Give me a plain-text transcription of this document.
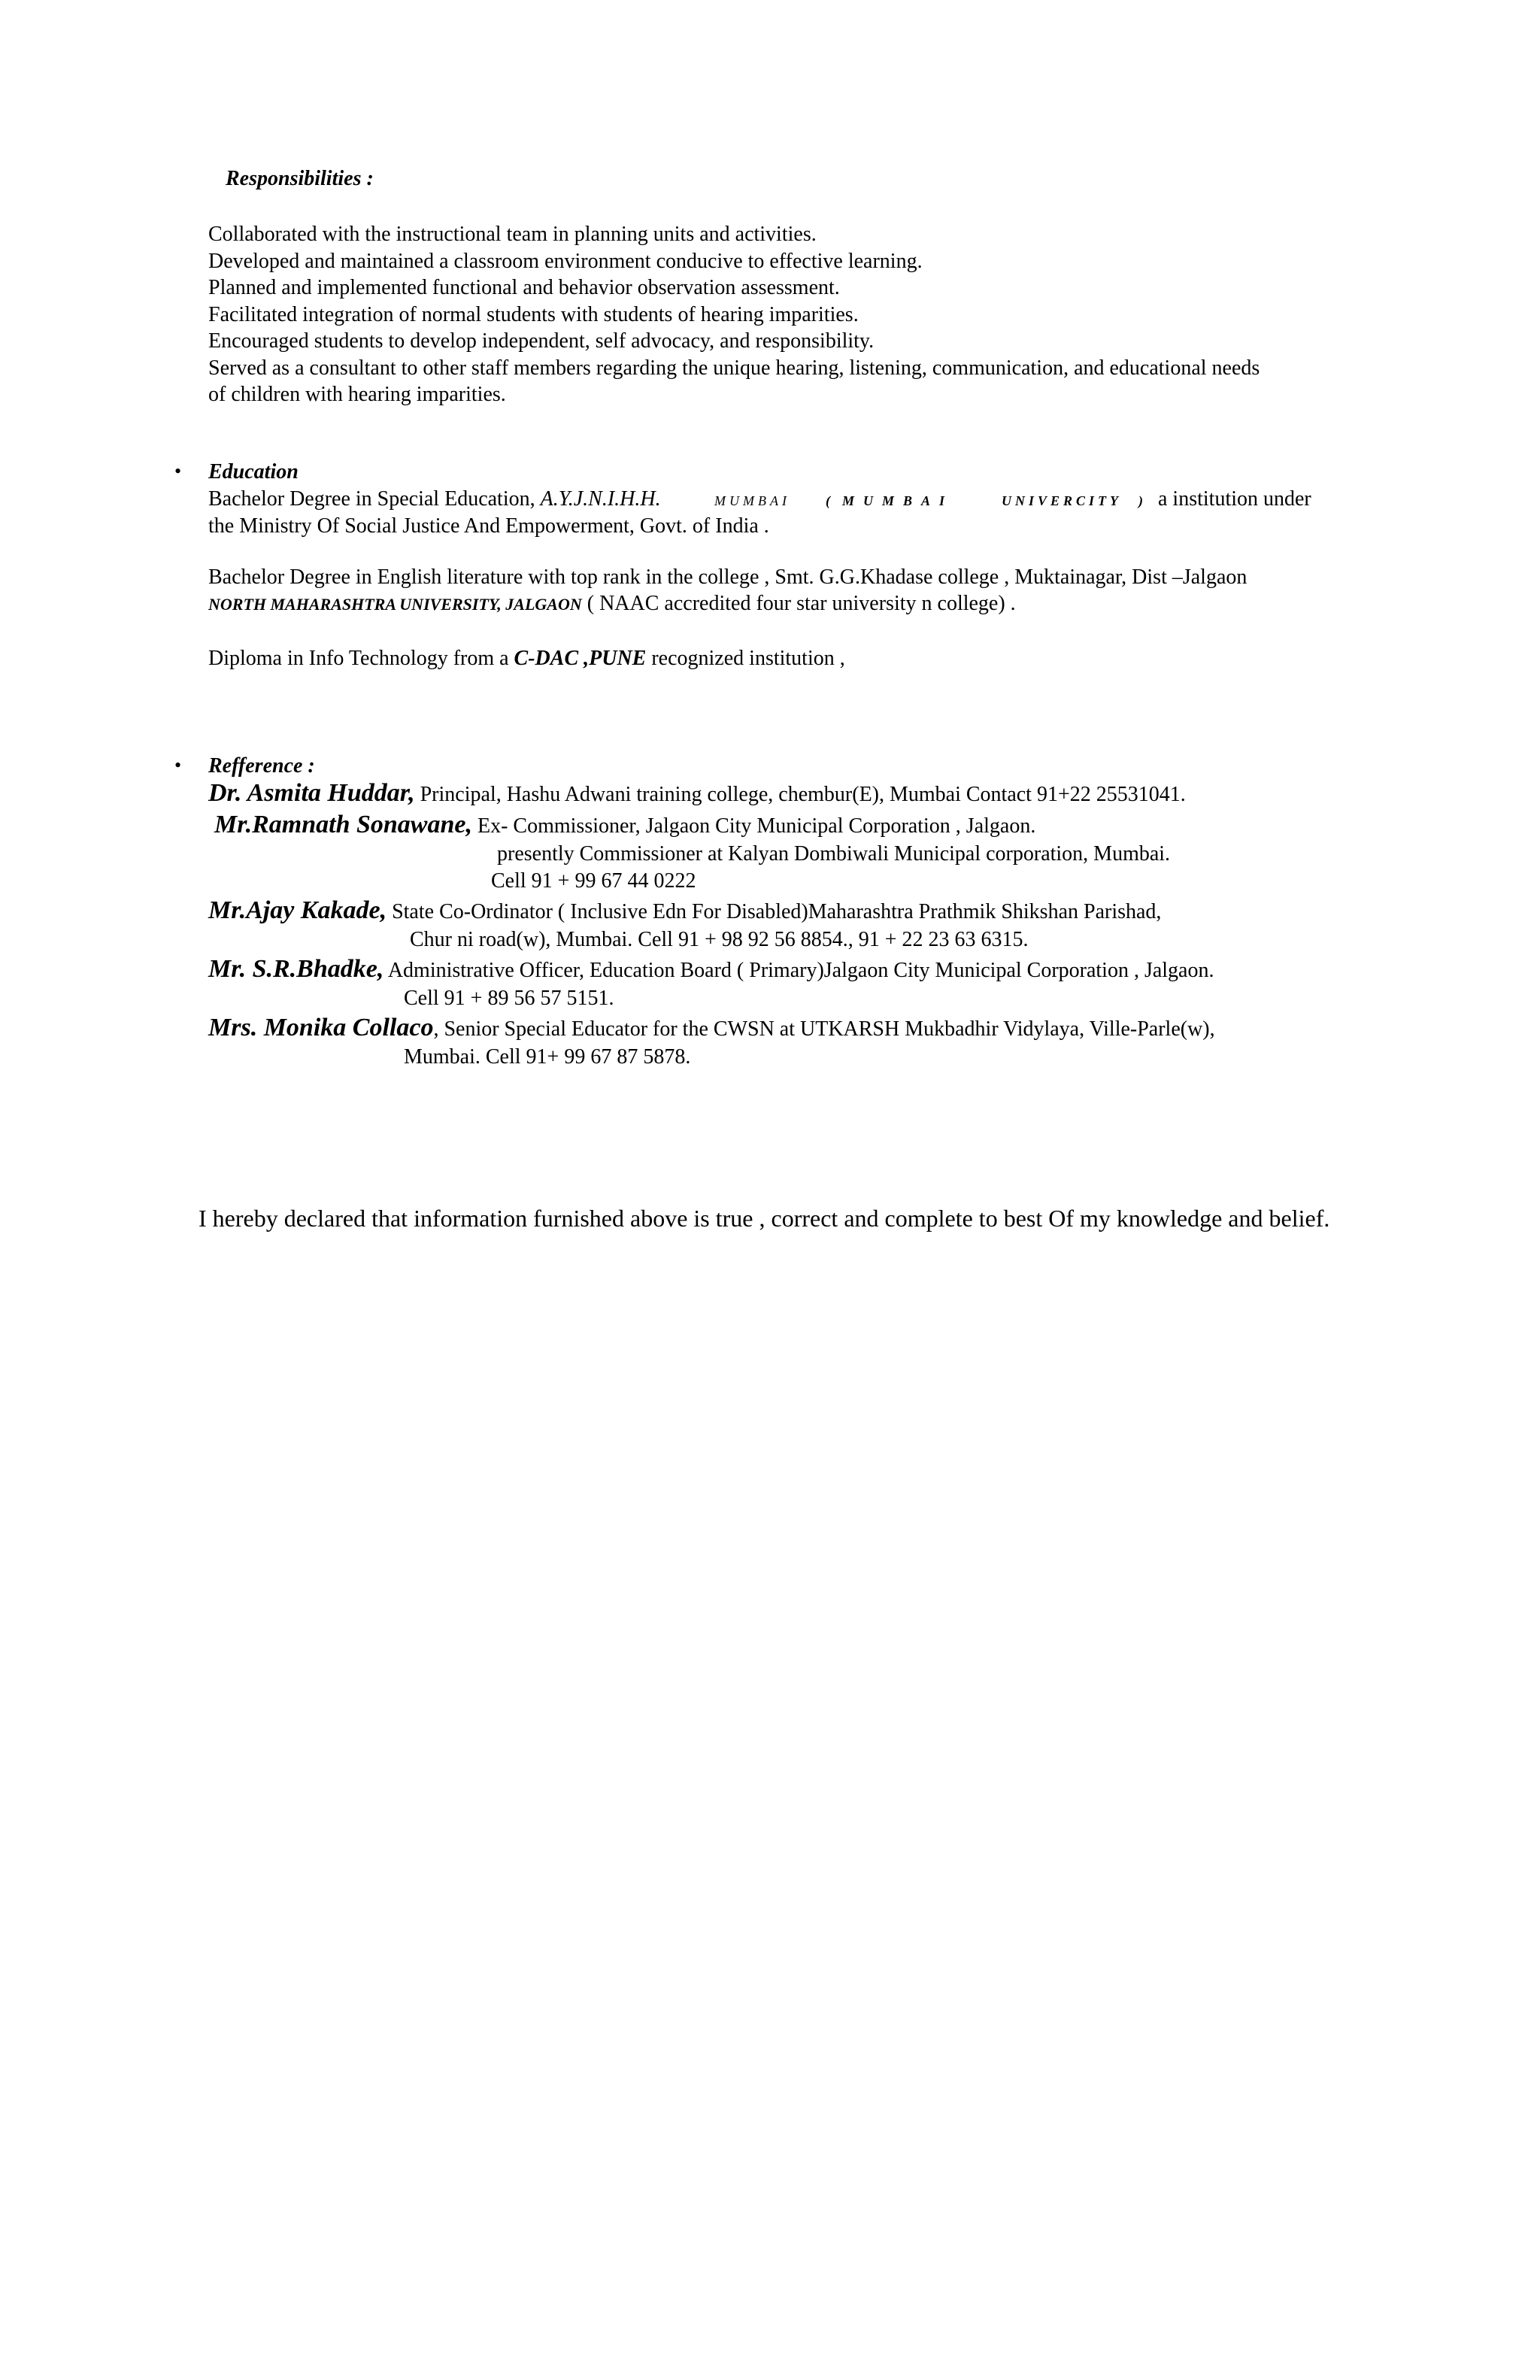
Responsibilities :
Collaborated with the instructional team in planning units and activities.
Developed and maintained a classroom environment conducive to effective learning.
Planned and implemented functional and behavior observation assessment.
Facilitated integration of normal students with students of hearing imparities.
Encouraged students to develop independent, self advocacy, and responsibility.
Served as a consultant to other staff members regarding the unique hearing, listening, communication, and educational needs
of children with hearing imparities.
• Education
Bachelor Degree in Special Education, A.Y.J.N.I.H.H.	MUMBAI	( MUMBAI	UNIVERCITY ) a institution under
the Ministry Of Social Justice And Empowerment, Govt. of India .
Bachelor Degree in English literature with top rank in the college , Smt. G.G.Khadase college , Muktainagar, Dist –Jalgaon
NORTH MAHARASHTRA UNIVERSITY, JALGAON ( NAAC accredited four star university n college) .
Diploma in Info Technology from a C-DAC ,PUNE recognized institution ,
• Refference :
Dr. Asmita Huddar, Principal, Hashu Adwani training college, chembur(E), Mumbai Contact 91+22 25531041.
Mr.Ramnath Sonawane, Ex- Commissioner, Jalgaon City Municipal Corporation , Jalgaon.
presently Commissioner at Kalyan Dombiwali Municipal corporation, Mumbai.
Cell 91 + 99 67 44 0222
Mr.Ajay Kakade, State Co-Ordinator ( Inclusive Edn For Disabled)Maharashtra Prathmik Shikshan Parishad,
Chur ni road(w), Mumbai. Cell 91 + 98 92 56 8854., 91 + 22 23 63 6315.
Mr. S.R.Bhadke, Administrative Officer, Education Board ( Primary)Jalgaon City Municipal Corporation , Jalgaon.
Cell 91 + 89 56 57 5151.
Mrs. Monika Collaco, Senior Special Educator for the CWSN at UTKARSH Mukbadhir Vidylaya, Ville-Parle(w),
Mumbai. Cell 91+ 99 67 87 5878.
I hereby declared that information furnished above is true , correct and complete to best Of my knowledge and belief.
